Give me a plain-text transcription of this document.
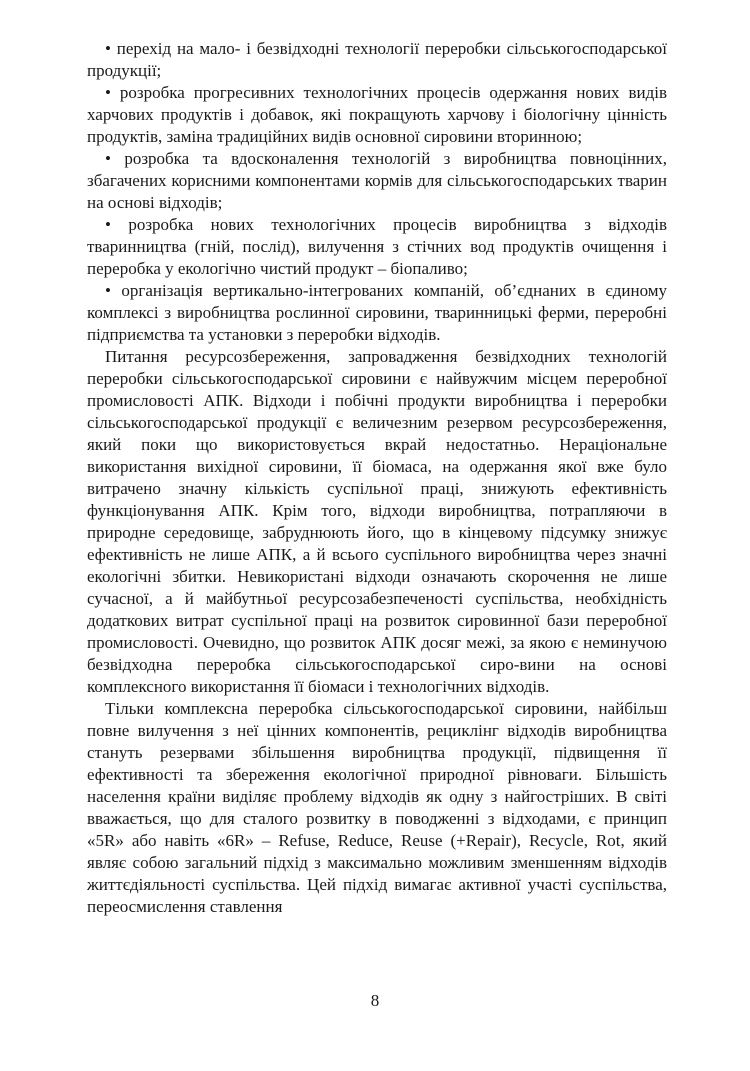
• перехід на мало- і безвідходні технології переробки сільськогосподарської продукції;

• розробка прогресивних технологічних процесів одержання нових видів харчових продуктів і добавок, які покращують харчову і біологічну цінність продуктів, заміна традиційних видів основної сировини вторинною;

• розробка та вдосконалення технологій з виробництва повноцінних, збагачених корисними компонентами кормів для сільськогосподарських тварин на основі відходів;

• розробка нових технологічних процесів виробництва з відходів тваринництва (гній, послід), вилучення з стічних вод продуктів очищення і переробка у екологічно чистий продукт – біопаливо;

• організація вертикально-інтегрованих компаній, об’єднаних в єдиному комплексі з виробництва рослинної сировини, тваринницькі ферми, переробні підприємства та установки з переробки відходів.

Питання ресурсозбереження, запровадження безвідходних технологій переробки сільськогосподарської сировини є найвужчим місцем переробної промисловості АПК. Відходи і побічні продукти виробництва і переробки сільськогосподарської продукції є величезним резервом ресурсозбереження, який поки що використовується вкрай недостатньо. Нераціональне використання вихідної сировини, її біомаса, на одержання якої вже було витрачено значну кількість суспільної праці, знижують ефективність функціонування АПК. Крім того, відходи виробництва, потрапляючи в природне середовище, забруднюють його, що в кінцевому підсумку знижує ефективність не лише АПК, а й всього суспільного виробництва через значні екологічні збитки. Невикористані відходи означають скорочення не лише сучасної, а й майбутньої ресурсозабезпеченості суспільства, необхідність додаткових витрат суспільної праці на розвиток сировинної бази переробної промисловості. Очевидно, що розвиток АПК досяг межі, за якою є неминучою безвідходна переробка сільськогосподарської сиро-вини на основі комплексного використання її біомаси і технологічних відходів.

Тільки комплексна переробка сільськогосподарської сировини, найбільш повне вилучення з неї цінних компонентів, рециклінг відходів виробництва стануть резервами збільшення виробництва продукції, підвищення її ефективності та збереження екологічної природної рівноваги. Більшість населення країни виділяє проблему відходів як одну з найгостріших. В світі вважається, що для сталого розвитку в поводженні з відходами, є принцип «5R» або навіть «6R» – Refuse, Reduce, Reuse (+Repair), Recycle, Rot, який являє собою загальний підхід з максимально можливим зменшенням відходів життєдіяльності суспільства. Цей підхід вимагає активної участі суспільства, переосмислення ставлення

8
